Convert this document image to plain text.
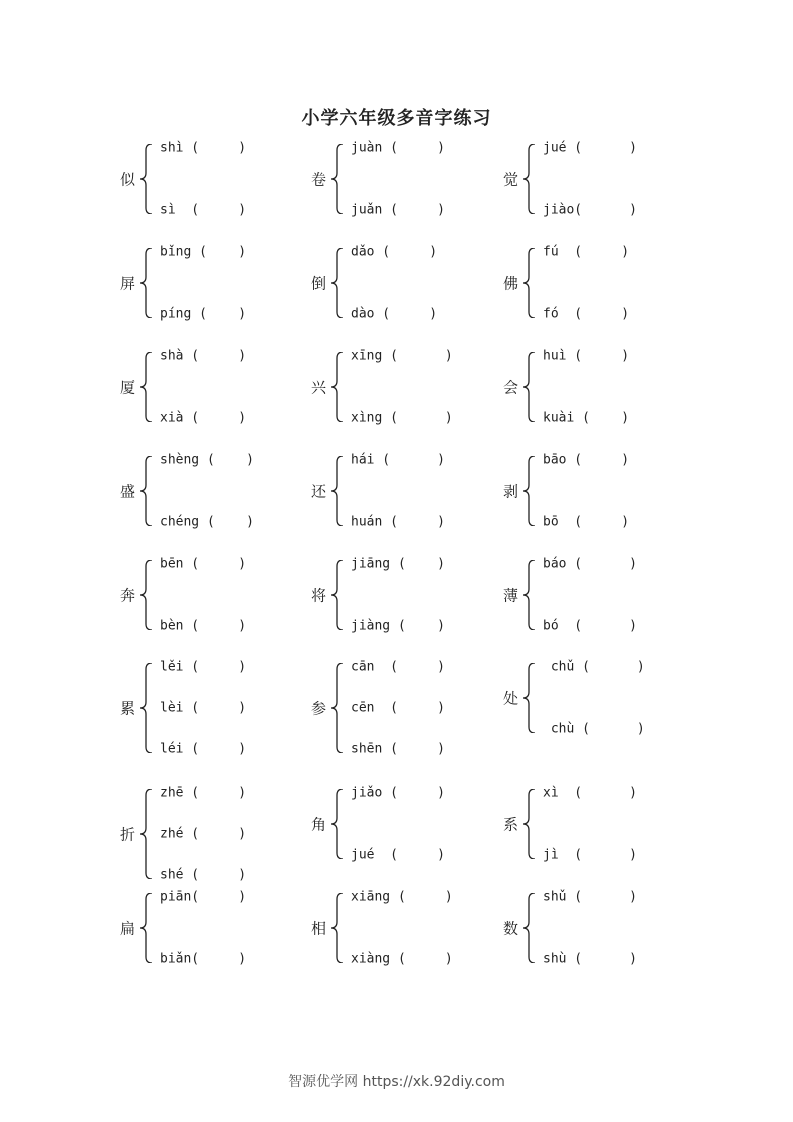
小学六年级多音字练习
似
shì (     )
sì  (     )
卷
juàn (     )
juǎn (     )
觉
jué (      )
jiào(      )
屏
bǐng (    )
píng (    )
倒
dǎo (     )
dào (     )
佛
fú  (     )
fó  (     )
厦
shà (     )
xià (     )
兴
xīng (      )
xìng (      )
会
huì (     )
kuài (    )
盛
shèng (    )
chéng (    )
还
hái (      )
huán (     )
剥
bāo (     )
bō  (     )
奔
bēn (     )
bèn (     )
将
jiāng (    )
jiàng (    )
薄
báo (      )
bó  (      )
累
lěi (     )
lèi (     )
léi (     )
参
cān  (     )
cēn  (     )
shēn (     )
处
chǔ (      )
chù (      )
折
zhē (     )
zhé (     )
shé (     )
角
jiǎo (     )
jué  (     )
系
xì  (      )
jì  (      )
扁
piān(     )
biǎn(     )
相
xiāng (     )
xiàng (     )
数
shǔ (      )
shù (      )
智源优学网 https://xk.92diy.com
